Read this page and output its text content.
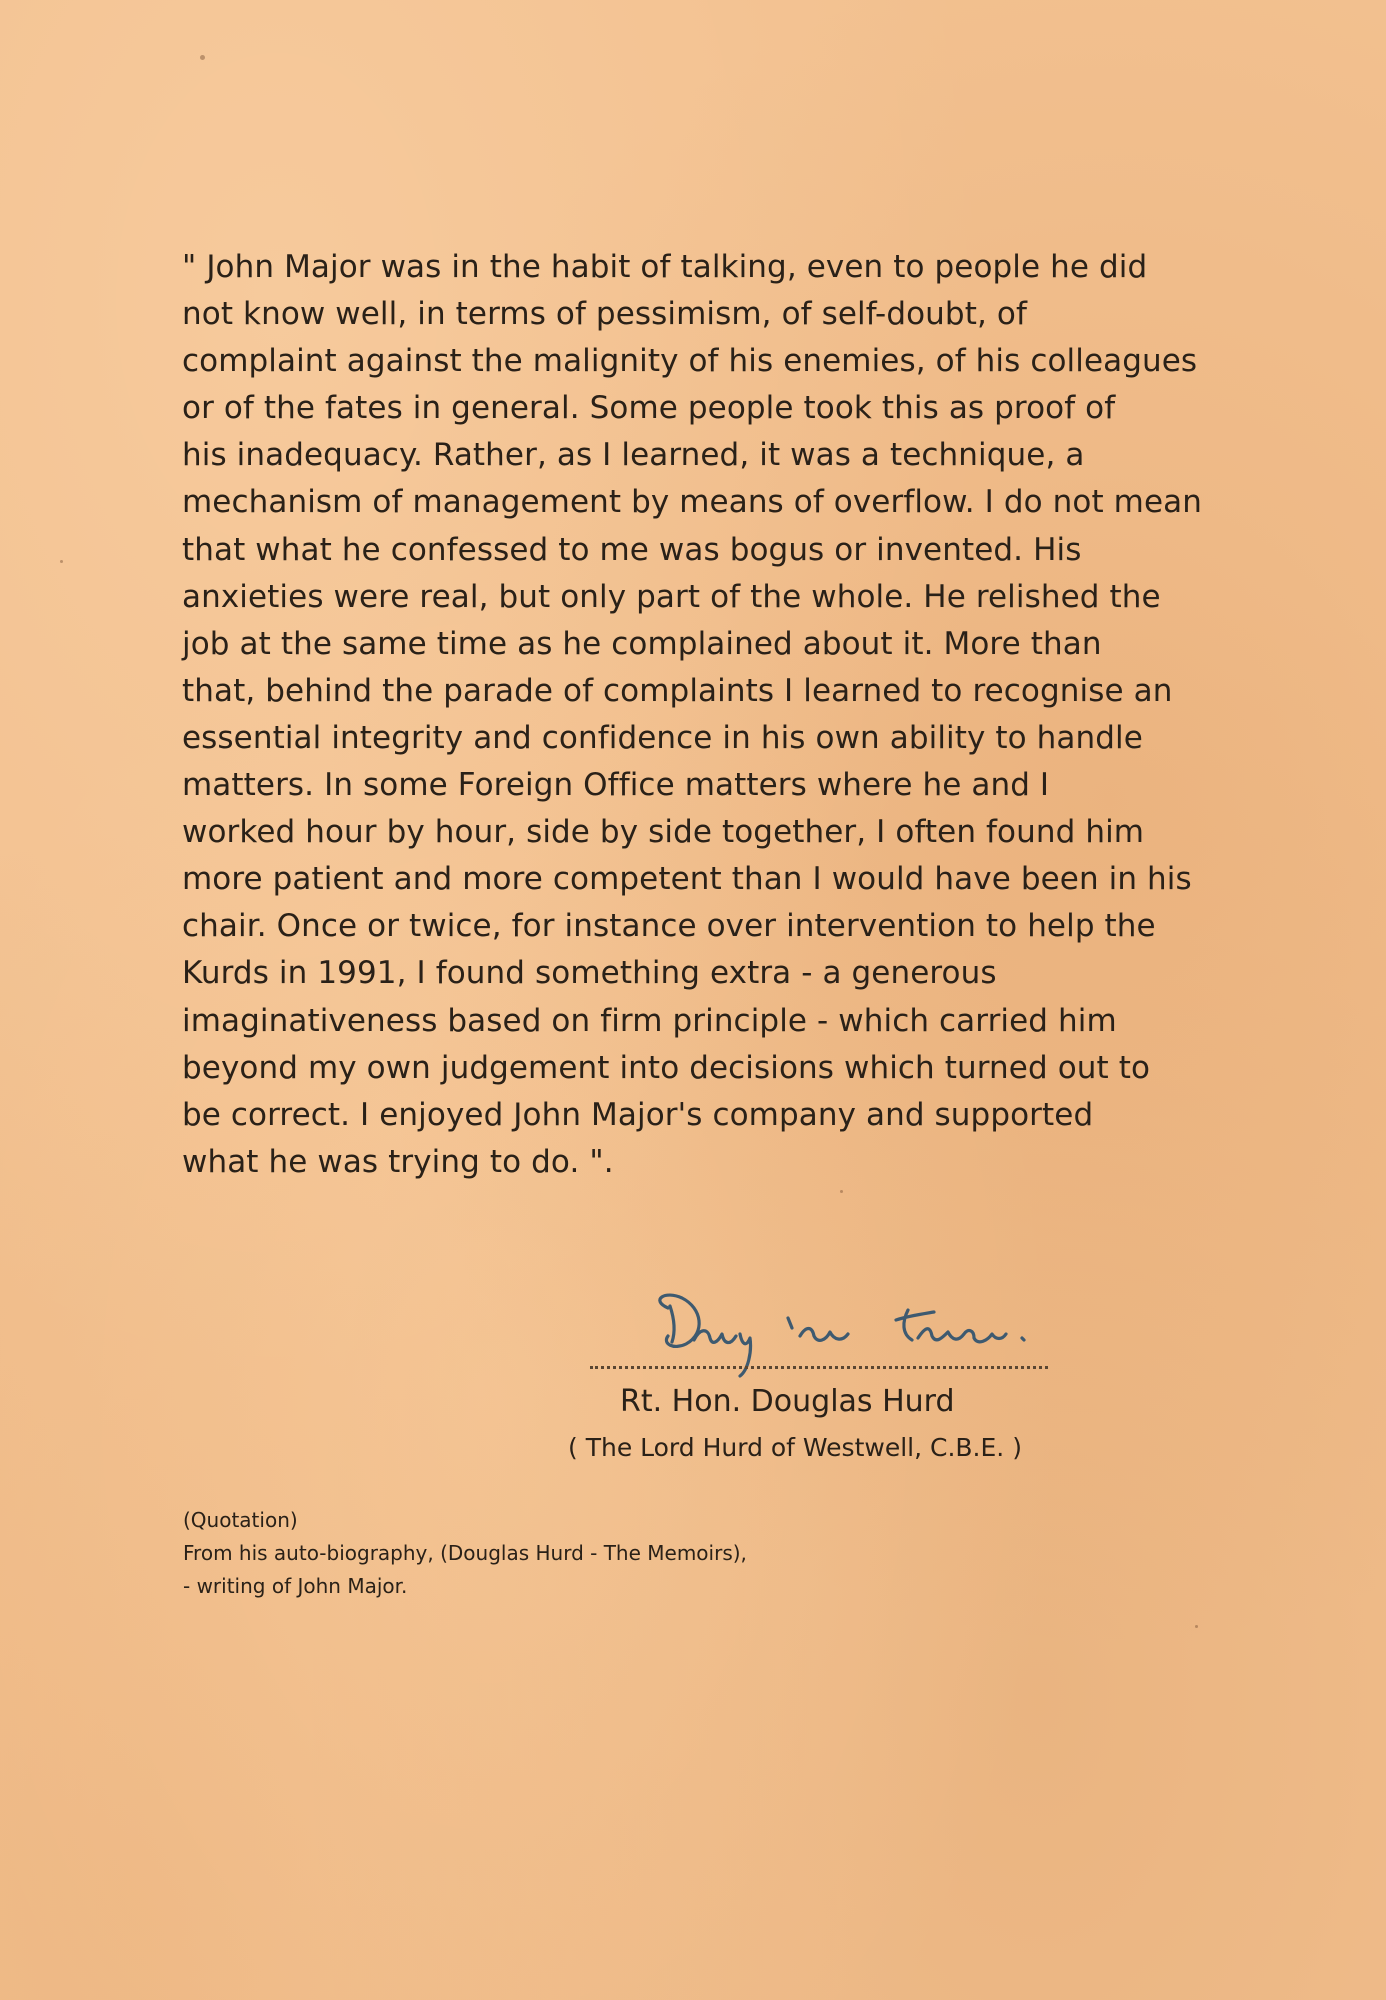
" John Major was in the habit of talking, even to people he did
not know well, in terms of pessimism, of self-doubt, of
complaint against the malignity of his enemies, of his colleagues
or of the fates in general. Some people took this as proof of
his inadequacy. Rather, as I learned, it was a technique, a
mechanism of management by means of overflow. I do not mean
that what he confessed to me was bogus or invented. His
anxieties were real, but only part of the whole. He relished the
job at the same time as he complained about it. More than
that, behind the parade of complaints I learned to recognise an
essential integrity and confidence in his own ability to handle
matters. In some Foreign Office matters where he and I
worked hour by hour, side by side together, I often found him
more patient and more competent than I would have been in his
chair. Once or twice, for instance over intervention to help the
Kurds in 1991, I found something extra - a generous
imaginativeness based on firm principle - which carried him
beyond my own judgement into decisions which turned out to
be correct. I enjoyed John Major's company and supported
what he was trying to do. ".
Rt. Hon. Douglas Hurd
( The Lord Hurd of Westwell, C.B.E. )
(Quotation)
From his auto-biography, (Douglas Hurd - The Memoirs),
- writing of John Major.
